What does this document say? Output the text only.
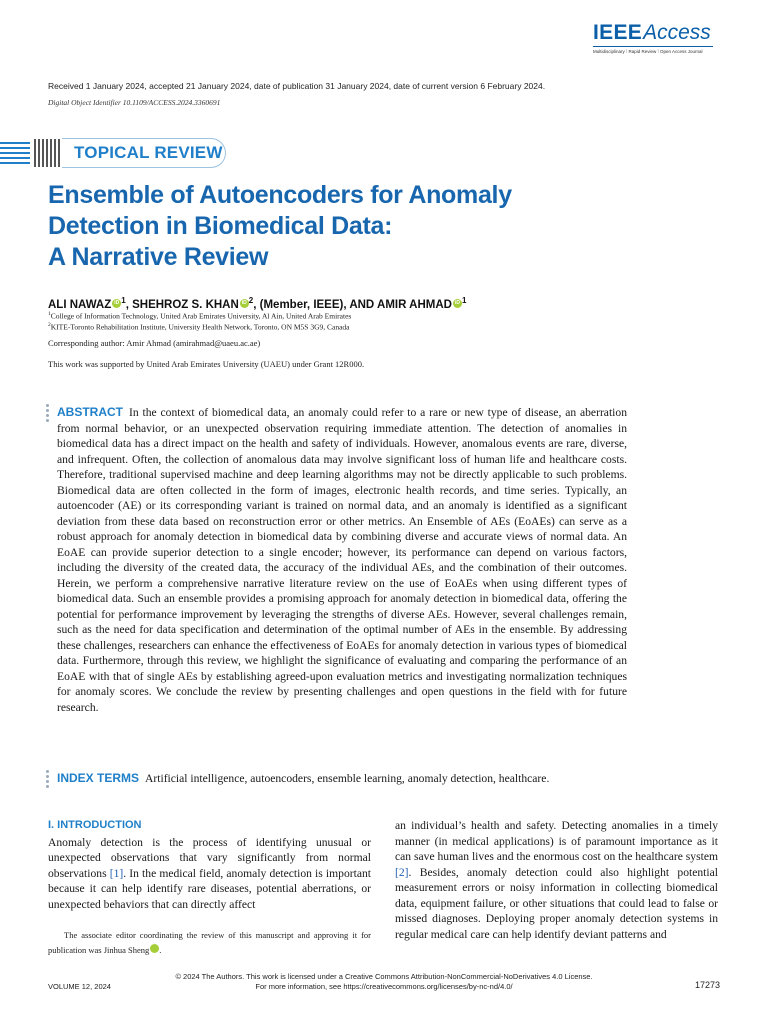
IEEEAccess
Multidisciplinary ⁞ Rapid Review ⁞ Open Access Journal
Received 1 January 2024, accepted 21 January 2024, date of publication 31 January 2024, date of current version 6 February 2024.
Digital Object Identifier 10.1109/ACCESS.2024.3360691
TOPICAL REVIEW
Ensemble of Autoencoders for Anomaly
Detection in Biomedical Data:
A Narrative Review
ALI NAWAZ iD $^1$, SHEHROZ S. KHAN iD $^2$, (Member, IEEE), AND AMIR AHMAD iD $^1$
$^1$College of Information Technology, United Arab Emirates University, Al Ain, United Arab Emirates
$^2$KITE-Toronto Rehabilitation Institute, University Health Network, Toronto, ON M5S 3G9, Canada
Corresponding author: Amir Ahmad (amirahmad@uaeu.ac.ae)
This work was supported by United Arab Emirates University (UAEU) under Grant 12R000.
ABSTRACT In the context of biomedical data, an anomaly could refer to a rare or new type of disease, an aberration from normal behavior, or an unexpected observation requiring immediate attention. The detection of anomalies in biomedical data has a direct impact on the health and safety of individuals. However, anomalous events are rare, diverse, and infrequent. Often, the collection of anomalous data may involve significant loss of human life and healthcare costs. Therefore, traditional supervised machine and deep learning algorithms may not be directly applicable to such problems. Biomedical data are often collected in the form of images, electronic health records, and time series. Typically, an autoencoder (AE) or its corresponding variant is trained on normal data, and an anomaly is identified as a significant deviation from these data based on reconstruction error or other metrics. An Ensemble of AEs (EoAEs) can serve as a robust approach for anomaly detection in biomedical data by combining diverse and accurate views of normal data. An EoAE can provide superior detection to a single encoder; however, its performance can depend on various factors, including the diversity of the created data, the accuracy of the individual AEs, and the combination of their outcomes. Herein, we perform a comprehensive narrative literature review on the use of EoAEs when using different types of biomedical data. Such an ensemble provides a promising approach for anomaly detection in biomedical data, offering the potential for performance improvement by leveraging the strengths of diverse AEs. However, several challenges remain, such as the need for data specification and determination of the optimal number of AEs in the ensemble. By addressing these challenges, researchers can enhance the effectiveness of EoAEs for anomaly detection in various types of biomedical data. Furthermore, through this review, we highlight the significance of evaluating and comparing the performance of an EoAE with that of single AEs by establishing agreed-upon evaluation metrics and investigating normalization techniques for anomaly scores. We conclude the review by presenting challenges and open questions in the field with for future research.
INDEX TERMS Artificial intelligence, autoencoders, ensemble learning, anomaly detection, healthcare.
I. INTRODUCTION
Anomaly detection is the process of identifying unusual or unexpected observations that vary significantly from normal observations [1]. In the medical field, anomaly detection is important because it can help identify rare diseases, potential aberrations, or unexpected behaviors that can directly affect
an individual’s health and safety. Detecting anomalies in a timely manner (in medical applications) is of paramount importance as it can save human lives and the enormous cost on the healthcare system [2]. Besides, anomaly detection could also highlight potential measurement errors or noisy information in collecting biomedical data, equipment failure, or other situations that could lead to false or missed diagnoses. Deploying proper anomaly detection systems in regular medical care can help identify deviant patterns and
The associate editor coordinating the review of this manuscript and approving it for publication was Jinhua Sheng	iD.
© 2024 The Authors. This work is licensed under a Creative Commons Attribution-NonCommercial-NoDerivatives 4.0 License.
For more information, see https://creativecommons.org/licenses/by-nc-nd/4.0/
VOLUME 12, 2024	17273
